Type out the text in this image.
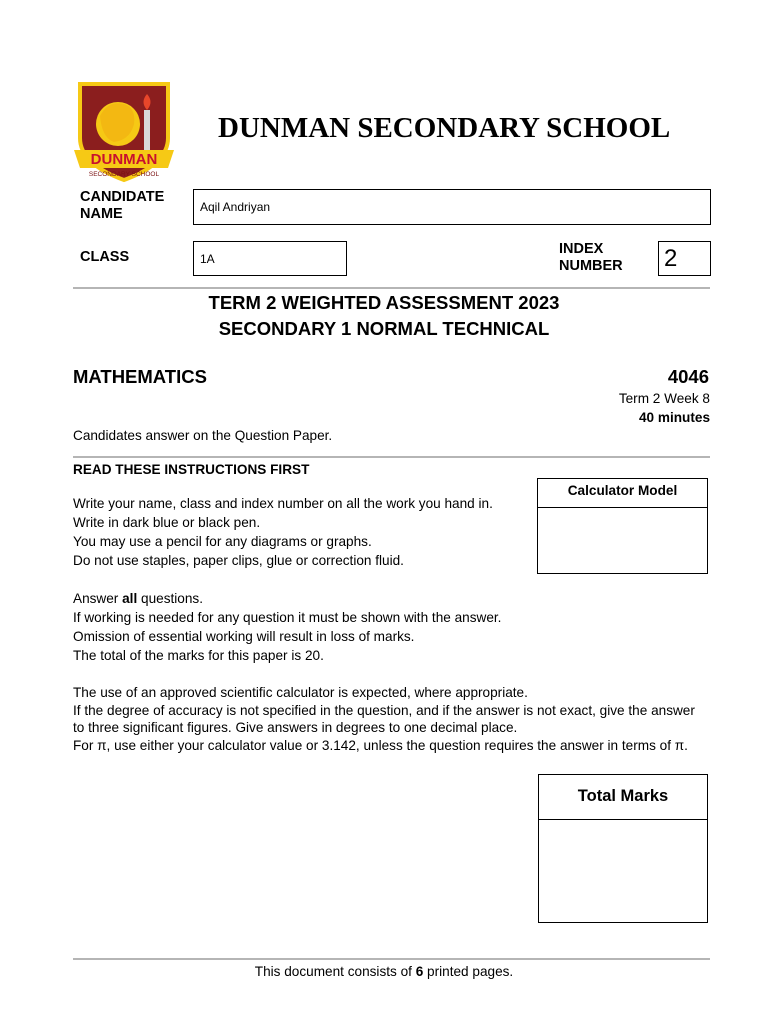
DUNMAN
SECONDARY SCHOOL
DUNMAN SECONDARY SCHOOL
CANDIDATE
NAME	Aqil Andriyan
CLASS	1A
INDEX
NUMBER 2
TERM 2 WEIGHTED ASSESSMENT 2023
SECONDARY 1 NORMAL TECHNICAL
MATHEMATICS	4046
Term 2 Week 8
40 minutes
Candidates answer on the Question Paper.
READ THESE INSTRUCTIONS FIRST
Write your name, class and index number on all the work you hand in.
Write in dark blue or black pen.
You may use a pencil for any diagrams or graphs.
Do not use staples, paper clips, glue or correction fluid.
Answer all questions.
If working is needed for any question it must be shown with the answer.
Omission of essential working will result in loss of marks.
The total of the marks for this paper is 20.
The use of an approved scientific calculator is expected, where appropriate.
If the degree of accuracy is not specified in the question, and if the answer is not exact, give the answer
to three significant figures. Give answers in degrees to one decimal place.
For π, use either your calculator value or 3.142, unless the question requires the answer in terms of π.
Calculator Model
Total Marks
This document consists of 6 printed pages.
